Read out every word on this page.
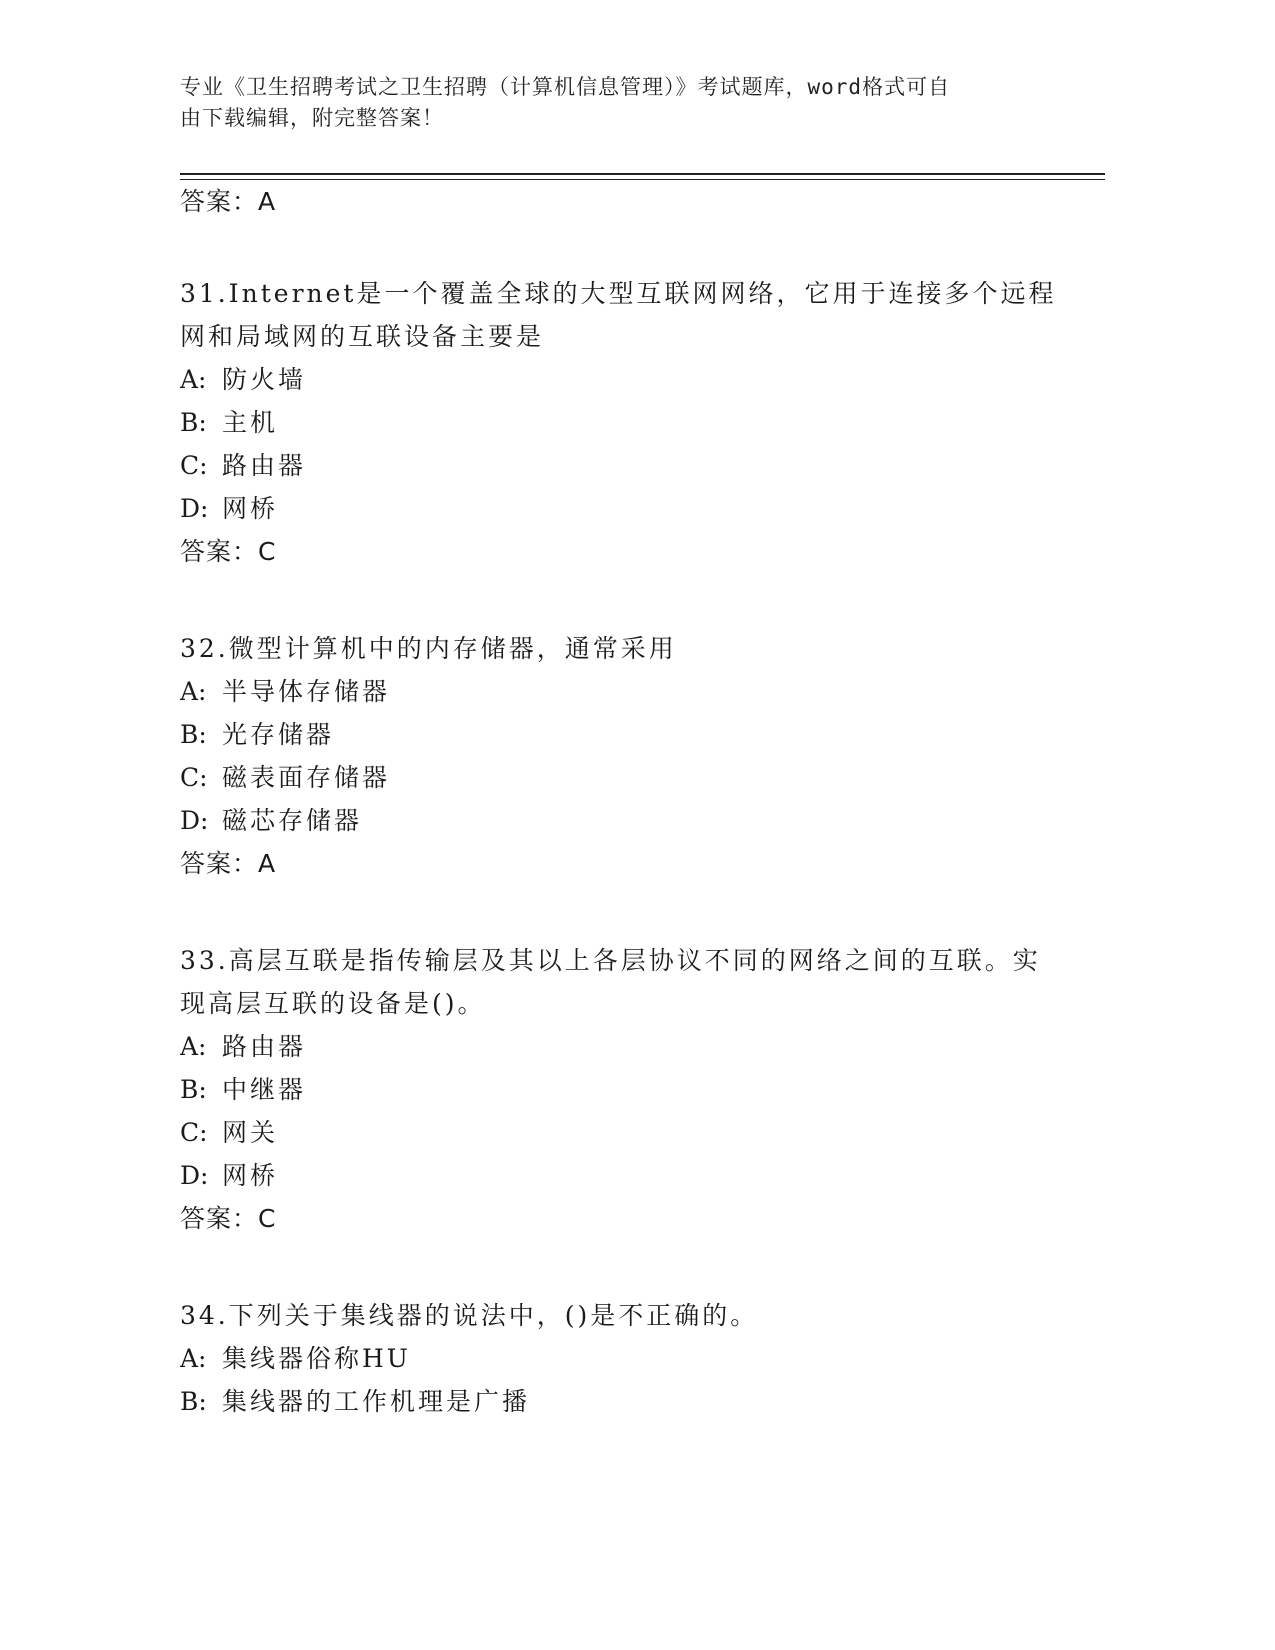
专业《卫生招聘考试之卫生招聘（计算机信息管理）》考试题库，word格式可自
由下载编辑，附完整答案！

答案：A

31.Internet是一个覆盖全球的大型互联网网络，它用于连接多个远程

网和局域网的互联设备主要是

A: 防火墙

B: 主机

C: 路由器

D: 网桥

答案：C

32.微型计算机中的内存储器，通常采用

A: 半导体存储器

B: 光存储器

C: 磁表面存储器

D: 磁芯存储器

答案：A

33.高层互联是指传输层及其以上各层协议不同的网络之间的互联。实

现高层互联的设备是()。

A: 路由器

B: 中继器

C: 网关

D: 网桥

答案：C

34.下列关于集线器的说法中，()是不正确的。

A: 集线器俗称HU

B: 集线器的工作机理是广播
